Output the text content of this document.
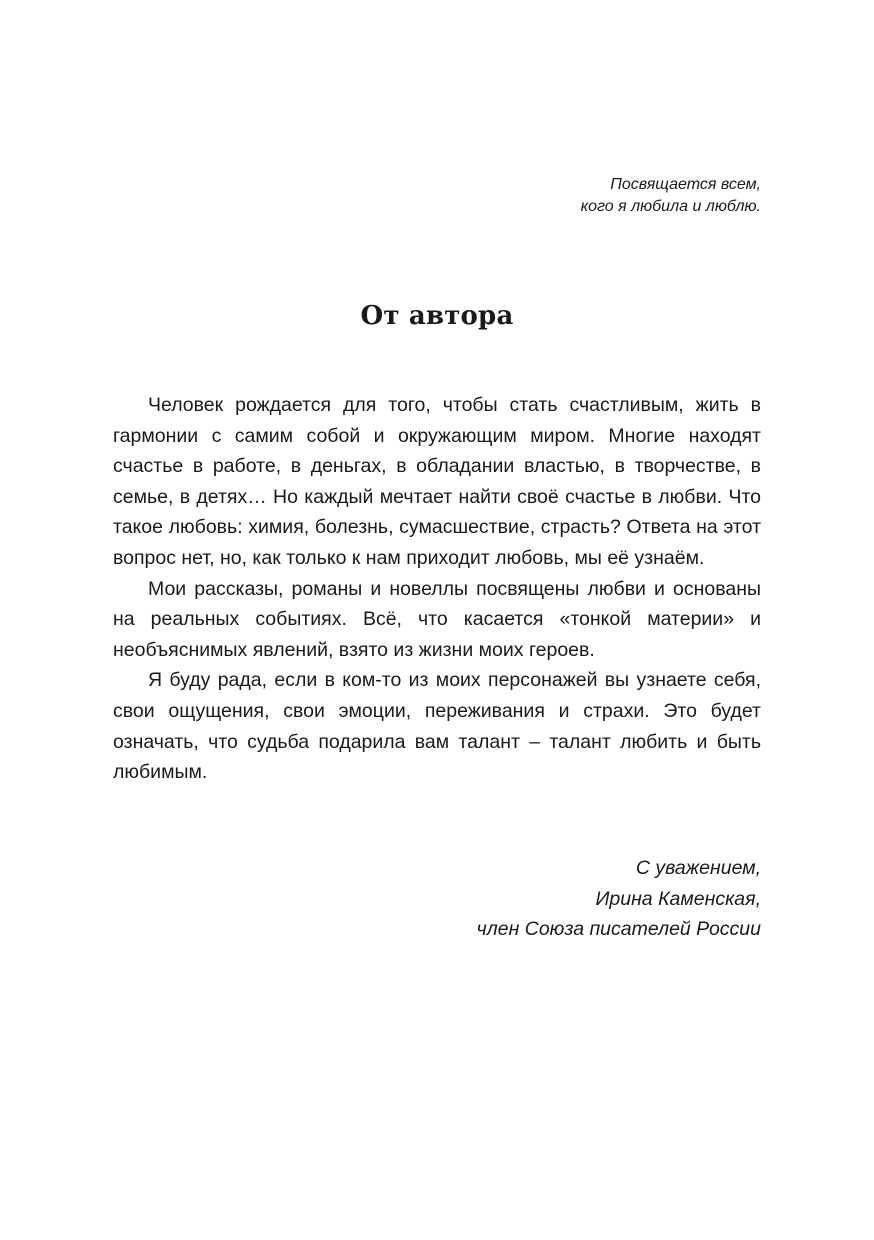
Посвящается всем,
кого я любила и люблю.
От автора

Человек рождается для того, чтобы стать счастливым, жить в гармонии с самим собой и окружающим миром. Многие находят счастье в работе, в деньгах, в обладании властью, в творчестве, в семье, в детях… Но каждый мечтает найти своё счастье в любви. Что такое любовь: химия, болезнь, сумасшествие, страсть? Ответа на этот вопрос нет, но, как только к нам приходит любовь, мы её узнаём.

Мои рассказы, романы и новеллы посвящены любви и основаны на реальных событиях. Всё, что касается «тонкой материи» и необъяснимых явлений, взято из жизни моих героев.

Я буду рада, если в ком-то из моих персонажей вы узнаете себя, свои ощущения, свои эмоции, переживания и страхи. Это будет означать, что судьба подарила вам талант – талант любить и быть любимым.

С уважением,
Ирина Каменская,
член Союза писателей России
